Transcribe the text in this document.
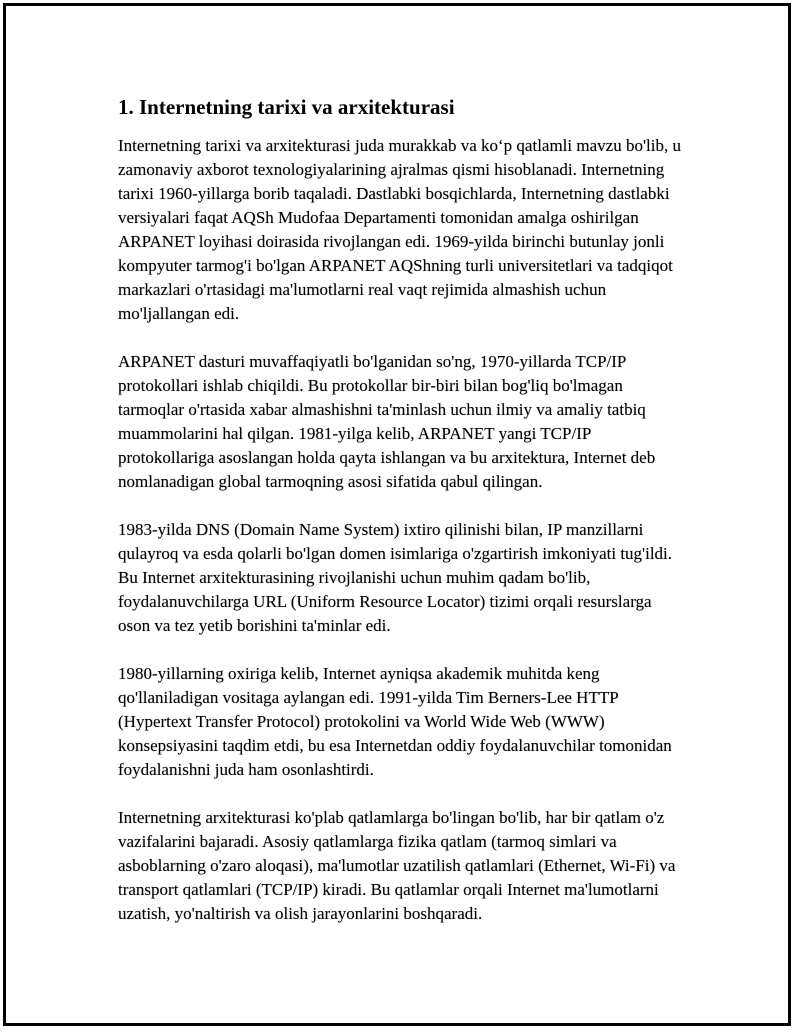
1. Internetning tarixi va arxitekturasi

Internetning tarixi va arxitekturasi juda murakkab va ko‘p qatlamli mavzu bo'lib, u zamonaviy axborot texnologiyalarining ajralmas qismi hisoblanadi. Internetning tarixi 1960-yillarga borib taqaladi. Dastlabki bosqichlarda, Internetning dastlabki versiyalari faqat AQSh Mudofaa Departamenti tomonidan amalga oshirilgan ARPANET loyihasi doirasida rivojlangan edi. 1969-yilda birinchi butunlay jonli kompyuter tarmog'i bo'lgan ARPANET AQShning turli universitetlari va tadqiqot markazlari o'rtasidagi ma'lumotlarni real vaqt rejimida almashish uchun mo'ljallangan edi.

ARPANET dasturi muvaffaqiyatli bo'lganidan so'ng, 1970-yillarda TCP/IP protokollari ishlab chiqildi. Bu protokollar bir-biri bilan bog'liq bo'lmagan tarmoqlar o'rtasida xabar almashishni ta'minlash uchun ilmiy va amaliy tatbiq muammolarini hal qilgan. 1981-yilga kelib, ARPANET yangi TCP/IP protokollariga asoslangan holda qayta ishlangan va bu arxitektura, Internet deb nomlanadigan global tarmoqning asosi sifatida qabul qilingan.

1983-yilda DNS (Domain Name System) ixtiro qilinishi bilan, IP manzillarni qulayroq va esda qolarli bo'lgan domen isimlariga o'zgartirish imkoniyati tug'ildi. Bu Internet arxitekturasining rivojlanishi uchun muhim qadam bo'lib, foydalanuvchilarga URL (Uniform Resource Locator) tizimi orqali resurslarga oson va tez yetib borishini ta'minlar edi.

1980-yillarning oxiriga kelib, Internet ayniqsa akademik muhitda keng qo'llaniladigan vositaga aylangan edi. 1991-yilda Tim Berners-Lee HTTP (Hypertext Transfer Protocol) protokolini va World Wide Web (WWW) konsepsiyasini taqdim etdi, bu esa Internetdan oddiy foydalanuvchilar tomonidan foydalanishni juda ham osonlashtirdi.

Internetning arxitekturasi ko'plab qatlamlarga bo'lingan bo'lib, har bir qatlam o'z vazifalarini bajaradi. Asosiy qatlamlarga fizika qatlam (tarmoq simlari va asboblarning o'zaro aloqasi), ma'lumotlar uzatilish qatlamlari (Ethernet, Wi-Fi) va transport qatlamlari (TCP/IP) kiradi. Bu qatlamlar orqali Internet ma'lumotlarni uzatish, yo'naltirish va olish jarayonlarini boshqaradi.
